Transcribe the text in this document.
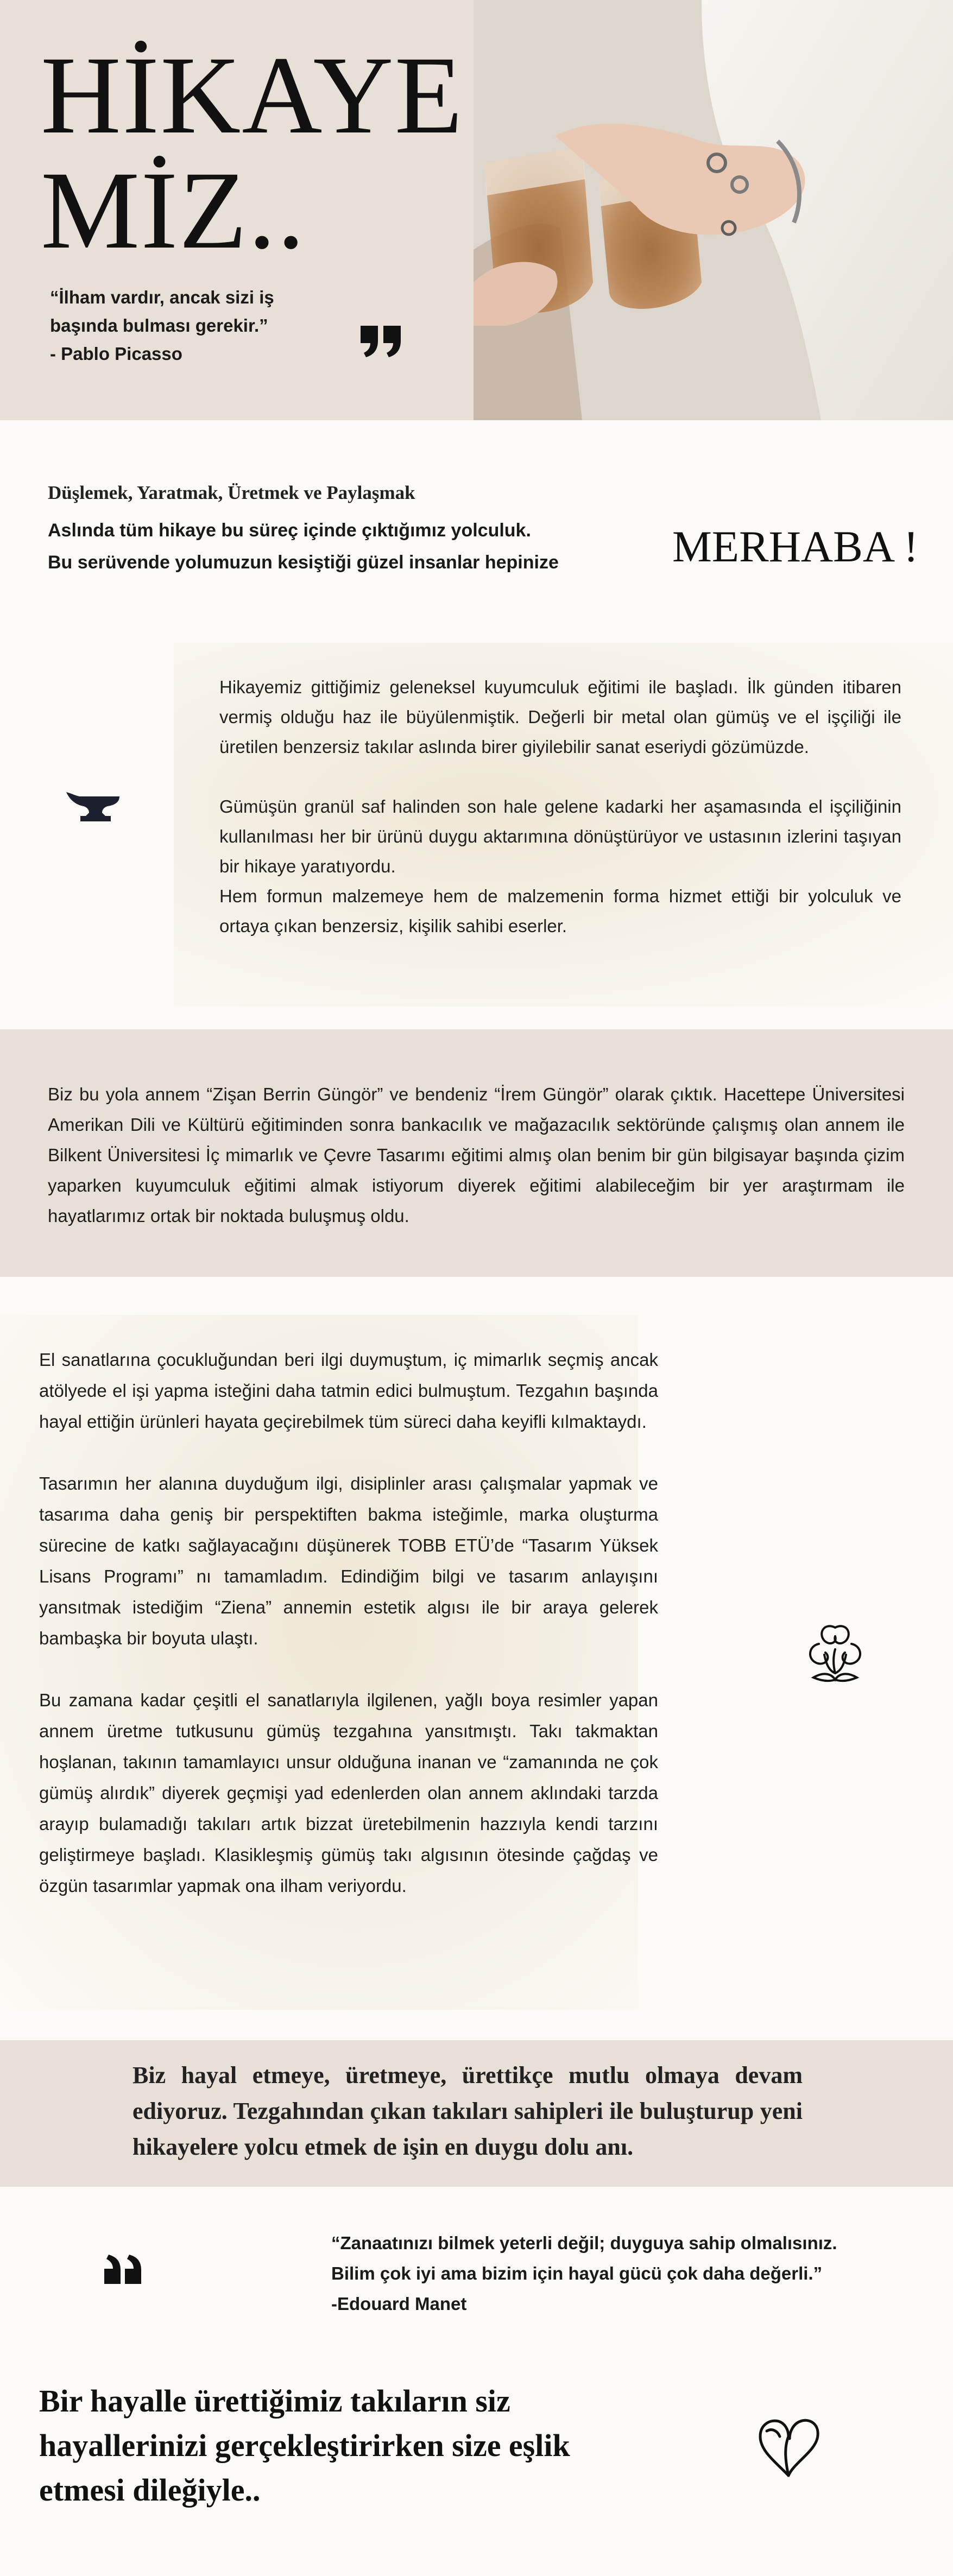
HİKAYE
MİZ..

“İlham vardır, ancak sizi iş
başında bulması gerekir.”
- Pablo Picasso

Düşlemek, Yaratmak, Üretmek ve Paylaşmak

Aslında tüm hikaye bu süreç içinde çıktığımız yolculuk.

Bu serüvende yolumuzun kesiştiği güzel insanlar hepinize	MERHABA !

Hikayemiz gittiğimiz geleneksel kuyumculuk eğitimi ile başladı. İlk günden itibaren vermiş olduğu haz ile büyülenmiştik. Değerli bir metal olan gümüş ve el işçiliği ile üretilen benzersiz takılar aslında birer giyilebilir sanat eseriydi gözümüzde.

Gümüşün granül saf halinden son hale gelene kadarki her aşamasında el işçiliğinin kullanılması her bir ürünü duygu aktarımına dönüştürüyor ve ustasının izlerini taşıyan bir hikaye yaratıyordu.

Hem formun malzemeye hem de malzemenin forma hizmet ettiği bir yolculuk ve ortaya çıkan benzersiz, kişilik sahibi eserler.

Biz bu yola annem “Zişan Berrin Güngör” ve bendeniz “İrem Güngör” olarak çıktık. Hacettepe Üniversitesi Amerikan Dili ve Kültürü eğitiminden sonra bankacılık ve mağazacılık sektöründe çalışmış olan annem ile Bilkent Üniversitesi İç mimarlık ve Çevre Tasarımı eğitimi almış olan benim bir gün bilgisayar başında çizim yaparken kuyumculuk eğitimi almak istiyorum diyerek eğitimi alabileceğim bir yer araştırmam ile hayatlarımız ortak bir noktada buluşmuş oldu.

El sanatlarına çocukluğundan beri ilgi duymuştum, iç mimarlık seçmiş ancak atölyede el işi yapma isteğini daha tatmin edici bulmuştum. Tezgahın başında hayal ettiğin ürünleri hayata geçirebilmek tüm süreci daha keyifli kılmaktaydı.

Tasarımın her alanına duyduğum ilgi, disiplinler arası çalışmalar yapmak ve tasarıma daha geniş bir perspektiften bakma isteğimle, marka oluşturma sürecine de katkı sağlayacağını düşünerek TOBB ETÜ’de “Tasarım Yüksek Lisans Programı” nı tamamladım. Edindiğim bilgi ve tasarım anlayışını yansıtmak istediğim “Ziena” annemin estetik algısı ile bir araya gelerek bambaşka bir boyuta ulaştı.

Bu zamana kadar çeşitli el sanatlarıyla ilgilenen, yağlı boya resimler yapan annem üretme tutkusunu gümüş tezgahına yansıtmıştı. Takı takmaktan hoşlanan, takının tamamlayıcı unsur olduğuna inanan ve “zamanında ne çok gümüş alırdık” diyerek geçmişi yad edenlerden olan annem aklındaki tarzda arayıp bulamadığı takıları artık bizzat üretebilmenin hazzıyla kendi tarzını geliştirmeye başladı. Klasikleşmiş gümüş takı algısının ötesinde çağdaş ve özgün tasarımlar yapmak ona ilham veriyordu.

Biz hayal etmeye, üretmeye, ürettikçe mutlu olmaya devam ediyoruz. Tezgahından çıkan takıları sahipleri ile buluşturup yeni hikayelere yolcu etmek de işin en duygu dolu anı.

“Zanaatınızı bilmek yeterli değil; duyguya sahip olmalısınız.
Bilim çok iyi ama bizim için hayal gücü çok daha değerli.”
-Edouard Manet

Bir hayalle ürettiğimiz takıların siz
hayallerinizi gerçekleştirirken size eşlik
etmesi dileğiyle..
